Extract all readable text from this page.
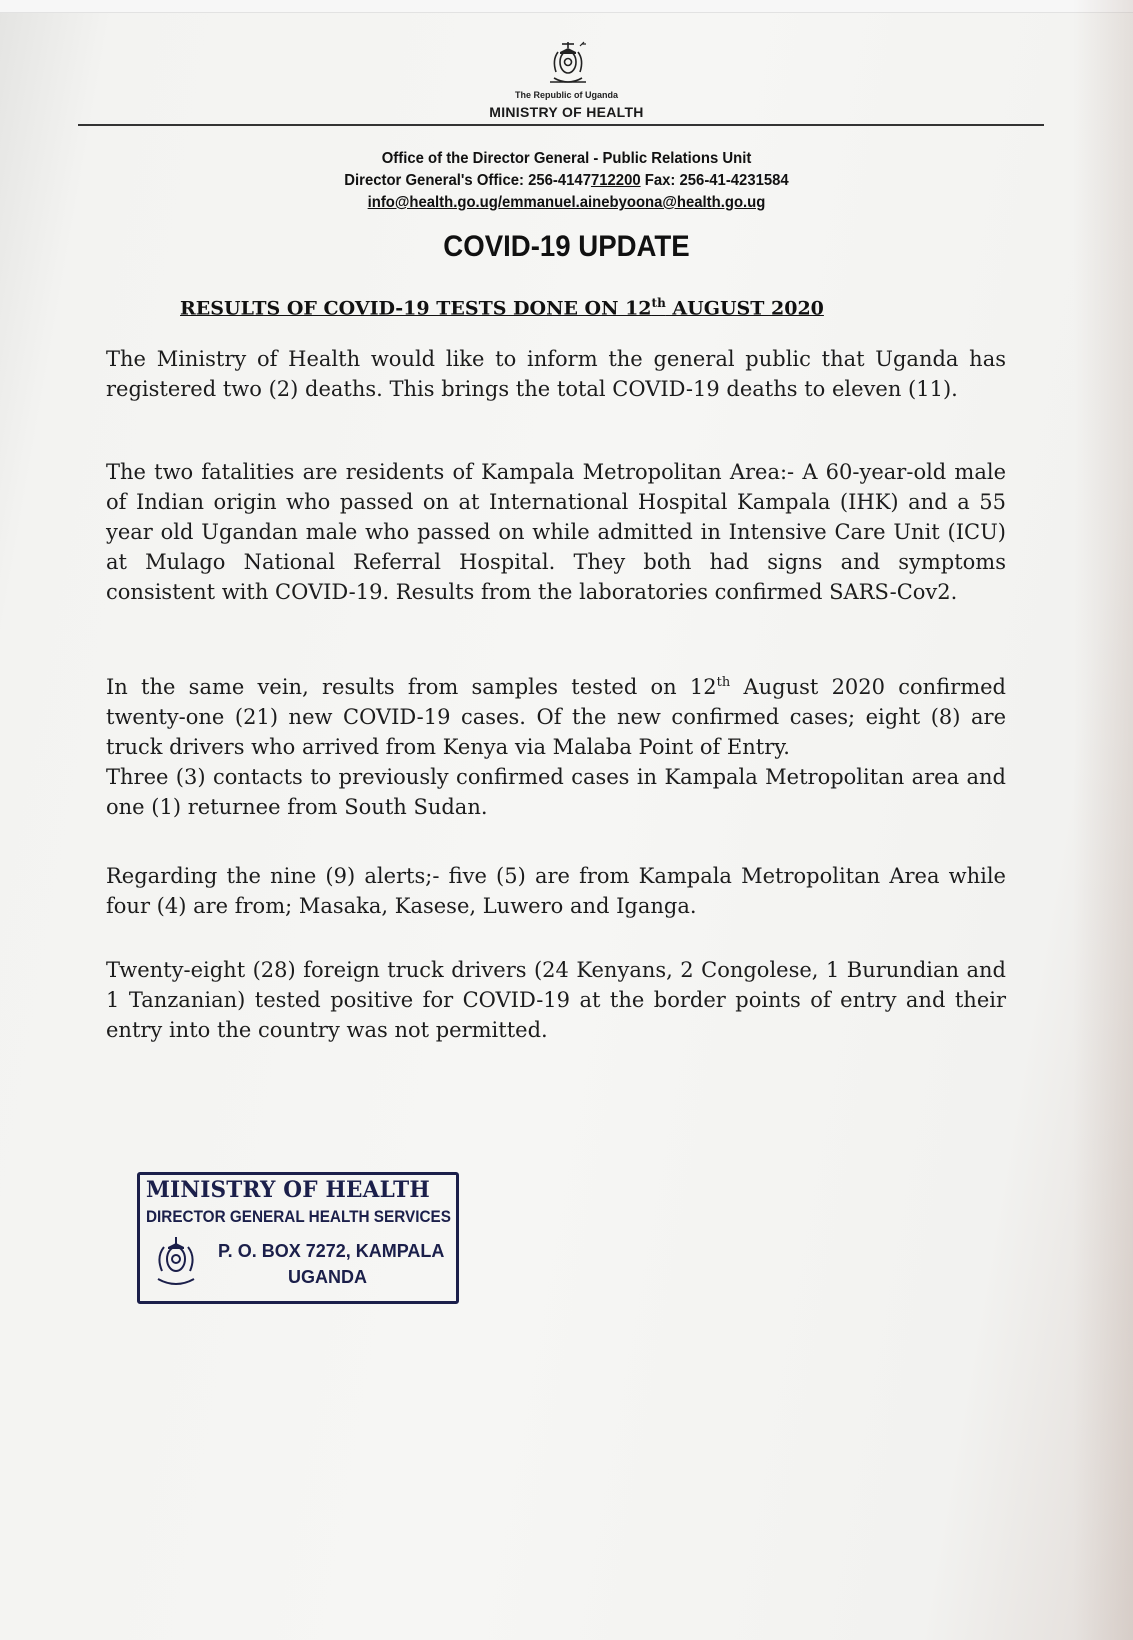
The Republic of Uganda
MINISTRY OF HEALTH
Office of the Director General - Public Relations Unit
Director General's Office: 256-4147712200 Fax: 256-41-4231584
info@health.go.ug/emmanuel.ainebyoona@health.go.ug
COVID-19 UPDATE
RESULTS OF COVID-19 TESTS DONE ON 12th AUGUST 2020
The Ministry of Health would like to inform the general public that Uganda has registered two (2) deaths. This brings the total COVID-19 deaths to eleven (11).
The two fatalities are residents of Kampala Metropolitan Area:- A 60-year-old male of Indian origin who passed on at International Hospital Kampala (IHK) and a 55 year old Ugandan male who passed on while admitted in Intensive Care Unit (ICU) at Mulago National Referral Hospital. They both had signs and symptoms consistent with COVID-19. Results from the laboratories confirmed SARS-Cov2.
In the same vein, results from samples tested on 12th August 2020 confirmed twenty-one (21) new COVID-19 cases. Of the new confirmed cases; eight (8) are truck drivers who arrived from Kenya via Malaba Point of Entry.
Three (3) contacts to previously confirmed cases in Kampala Metropolitan area and one (1) returnee from South Sudan.
Regarding the nine (9) alerts;- five (5) are from Kampala Metropolitan Area while four (4) are from; Masaka, Kasese, Luwero and Iganga.
Twenty-eight (28) foreign truck drivers (24 Kenyans, 2 Congolese, 1 Burundian and 1 Tanzanian) tested positive for COVID-19 at the border points of entry and their entry into the country was not permitted.
MINISTRY OF HEALTH
DIRECTOR GENERAL HEALTH SERVICES
P. O. BOX 7272, KAMPALA
UGANDA
